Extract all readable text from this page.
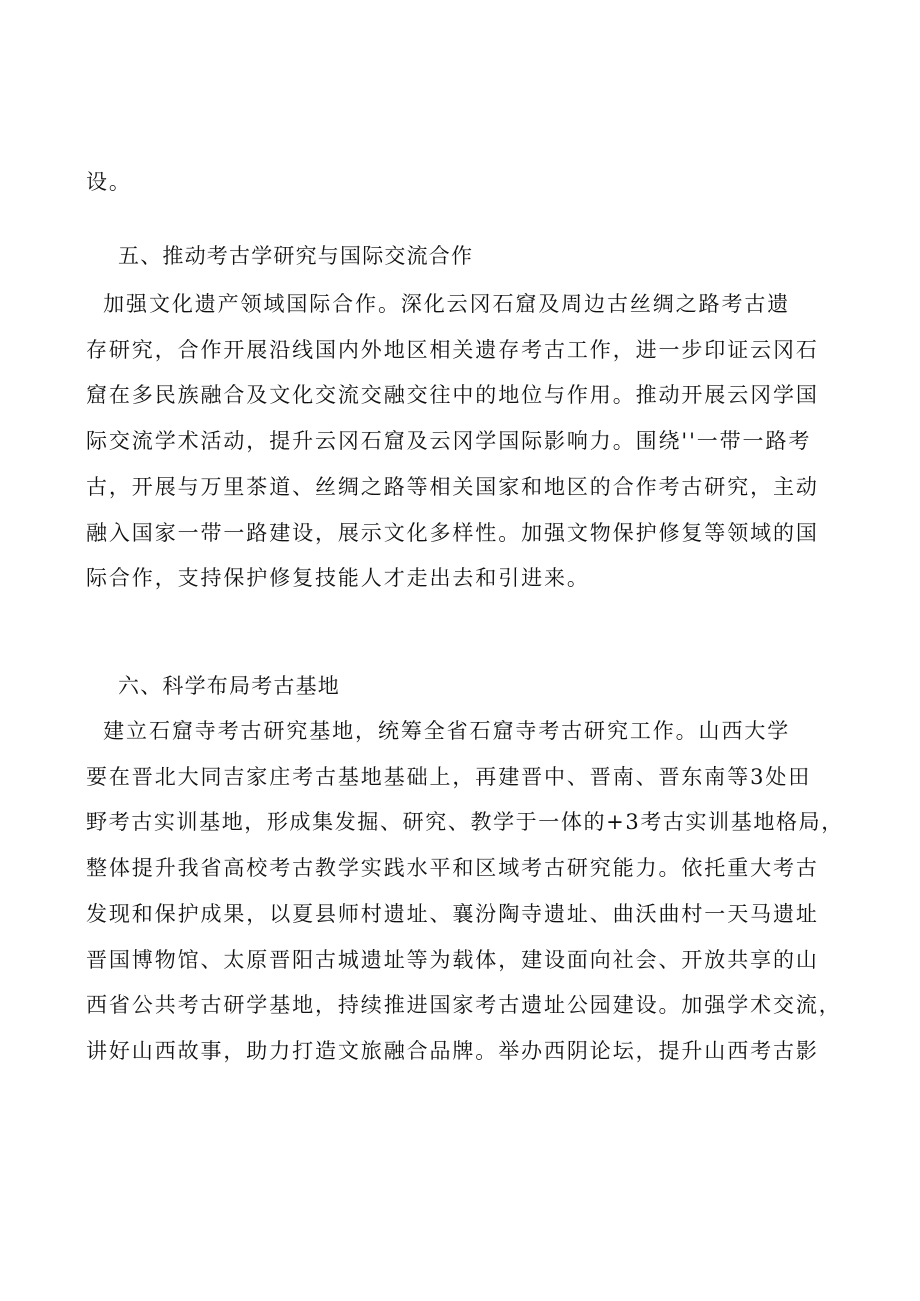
设。

五、推动考古学研究与国际交流合作

加强文化遗产领域国际合作。深化云冈石窟及周边古丝绸之路考古遗
存研究，合作开展沿线国内外地区相关遗存考古工作，进一步印证云冈石
窟在多民族融合及文化交流交融交往中的地位与作用。推动开展云冈学国
际交流学术活动，提升云冈石窟及云冈学国际影响力。围绕''一带一路考
古，开展与万里茶道、丝绸之路等相关国家和地区的合作考古研究，主动
融入国家一带一路建设，展示文化多样性。加强文物保护修复等领域的国
际合作，支持保护修复技能人才走出去和引进来。

六、科学布局考古基地

建立石窟寺考古研究基地，统筹全省石窟寺考古研究工作。山西大学
要在晋北大同吉家庄考古基地基础上，再建晋中、晋南、晋东南等3处田
野考古实训基地，形成集发掘、研究、教学于一体的+3考古实训基地格局，
整体提升我省高校考古教学实践水平和区域考古研究能力。依托重大考古
发现和保护成果，以夏县师村遗址、襄汾陶寺遗址、曲沃曲村一天马遗址
晋国博物馆、太原晋阳古城遗址等为载体，建设面向社会、开放共享的山
西省公共考古研学基地，持续推进国家考古遗址公园建设。加强学术交流，
讲好山西故事，助力打造文旅融合品牌。举办西阴论坛，提升山西考古影
